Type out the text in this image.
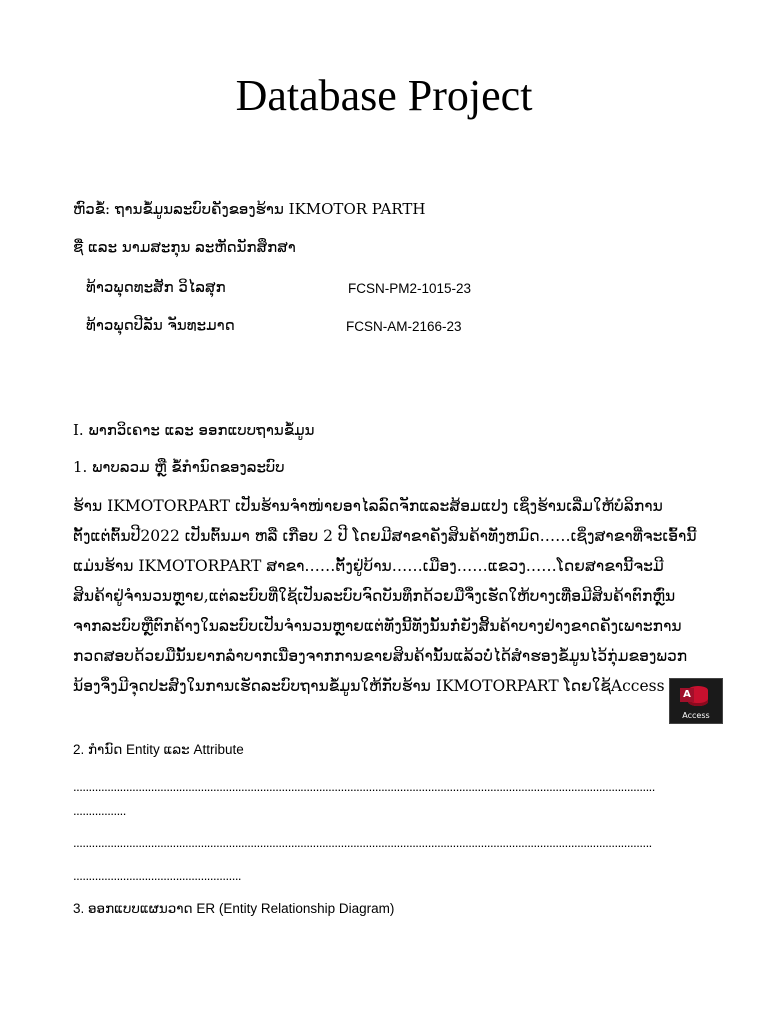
Database Project
ຫົວຂໍ້: ຖານຂໍ້ມູນລະບົບຄັງຂອງຮ້ານ IKMOTOR PARTH
ຊື່ ແລະ ນາມສະກຸນ ລະຫັດນັກສຶກສາ
ທ້າວພຸດທະສັກ ວິໄລສຸກ	FCSN-PM2-1015-23
ທ້າວພຸດປີລັນ ຈັນທະມາດ	FCSN-AM-2166-23
I. ພາກວິເຄາະ ແລະ ອອກແບບຖານຂໍ້ມູນ
1. ພາບລວມ ຫຼື ຂໍ້ກຳນົດຂອງລະບົບ
ຮ້ານ IKMOTORPART ເປັນຮ້ານຈຳໜ່າຍອາໄລລົດຈັກແລະສ້ອມແປງ ເຊິ່ງຮ້ານເລີ່ມໃຫ້ບໍລິການຕັ້ງແຕ່ຕົ້ນປີ2022 ເປັນຕົ້ນມາ ຫລື ເກືອບ 2 ປີ ໂດຍມີສາຂາຄັງສິນຄ້າທັງຫມົດ……ເຊິ່ງສາຂາທີ່ຈະເອົ້ານີ້ແມ່ນຮ້ານ IKMOTORPART ສາຂາ……ຕັ້ງຢູ່ບ້ານ……ເມືອງ……ແຂວງ……ໂດຍສາຂານີ້ຈະມີສິນຄ້າຢູ່ຈຳນວນຫຼາຍ,ແຕ່ລະບົບທີ່ໃຊ້ເປັນລະບົບຈົດບັນທຶກດ້ວຍມືຈຶ່ງເຮັດໃຫ້ບາງເທື່ອມີສິນຄ້າຕົກຫຼົ່ນຈາກລະບົບຫຼືຕົກຄ້າງໃນລະບົບເປັນຈຳນວນຫຼາຍແຕ່ທັງນີ້ທັງນັ້ນກໍ່ຍັງສິ້ນຄ້າບາງຢ່າງຂາດຄັງເພາະການກວດສອບດ້ວຍມືນັ້ນຍາກລຳບາກເນື່ອງຈາກການຂາຍສິນຄ້ານັ້ນແລ້ວບໍ່ໄດ້ສຳຮອງຂໍ້ມູນໄວ້ກຸ່ມຂອງພວກນ້ອງຈຶ່ງມີຈຸດປະສົງໃນການເຮັດລະບົບຖານຂໍ້ມູນໃຫ້ກັບຮ້ານ IKMOTORPART ໂດຍໃຊ້Access	A
Access
2. ກຳນົດ Entity ແລະ Attribute
...........................................................................................................................................................................................
.................
..........................................................................................................................................................................................
......................................................
3. ອອກແບບແຜນວາດ ER (Entity Relationship Diagram)
